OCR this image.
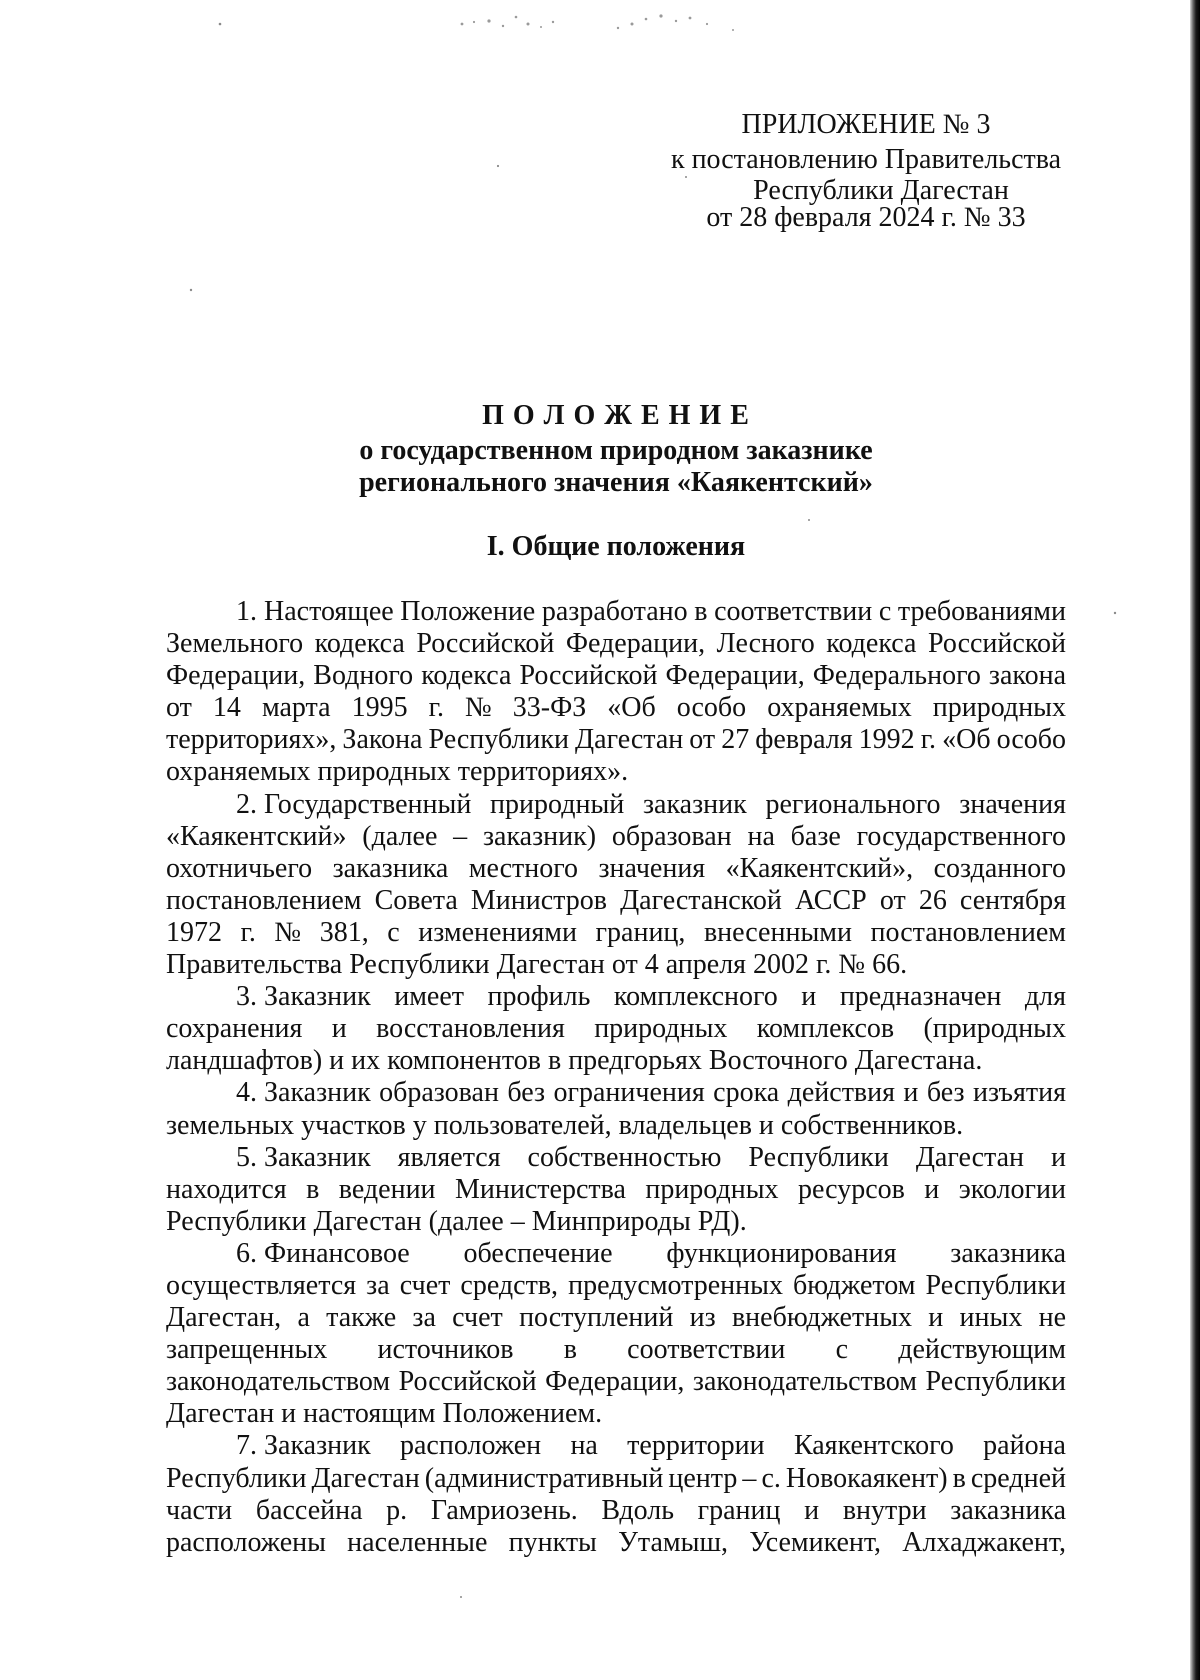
ПРИЛОЖЕНИЕ № 3
к постановлению Правительства
Республики Дагестан
от 28 февраля 2024 г. № 33
П О Л О Ж Е Н И Е
о государственном природном заказнике
регионального значения «Каякентский»
I. Общие положения
1. Настоящее Положение разработано в соответствии с требованиями
Земельного кодекса Российской Федерации, Лесного кодекса Российской
Федерации, Водного кодекса Российской Федерации, Федерального закона
от 14 марта 1995 г. № 33-ФЗ «Об особо охраняемых природных
территориях», Закона Республики Дагестан от 27 февраля 1992 г. «Об особо
охраняемых природных территориях».
2. Государственный природный заказник регионального значения
«Каякентский» (далее – заказник) образован на базе государственного
охотничьего заказника местного значения «Каякентский», созданного
постановлением Совета Министров Дагестанской АССР от 26 сентября
1972 г. № 381, с изменениями границ, внесенными постановлением
Правительства Республики Дагестан от 4 апреля 2002 г. № 66.
3. Заказник имеет профиль комплексного и предназначен для
сохранения и восстановления природных комплексов (природных
ландшафтов) и их компонентов в предгорьях Восточного Дагестана.
4. Заказник образован без ограничения срока действия и без изъятия
земельных участков у пользователей, владельцев и собственников.
5. Заказник является собственностью Республики Дагестан и
находится в ведении Министерства природных ресурсов и экологии
Республики Дагестан (далее – Минприроды РД).
6. Финансовое обеспечение функционирования заказника
осуществляется за счет средств, предусмотренных бюджетом Республики
Дагестан, а также за счет поступлений из внебюджетных и иных не
запрещенных источников в соответствии с действующим
законодательством Российской Федерации, законодательством Республики
Дагестан и настоящим Положением.
7. Заказник расположен на территории Каякентского района
Республики Дагестан (административный центр – с. Новокаякент) в средней
части бассейна р. Гамриозень. Вдоль границ и внутри заказника
расположены населенные пункты Утамыш, Усемикент, Алхаджакент,
